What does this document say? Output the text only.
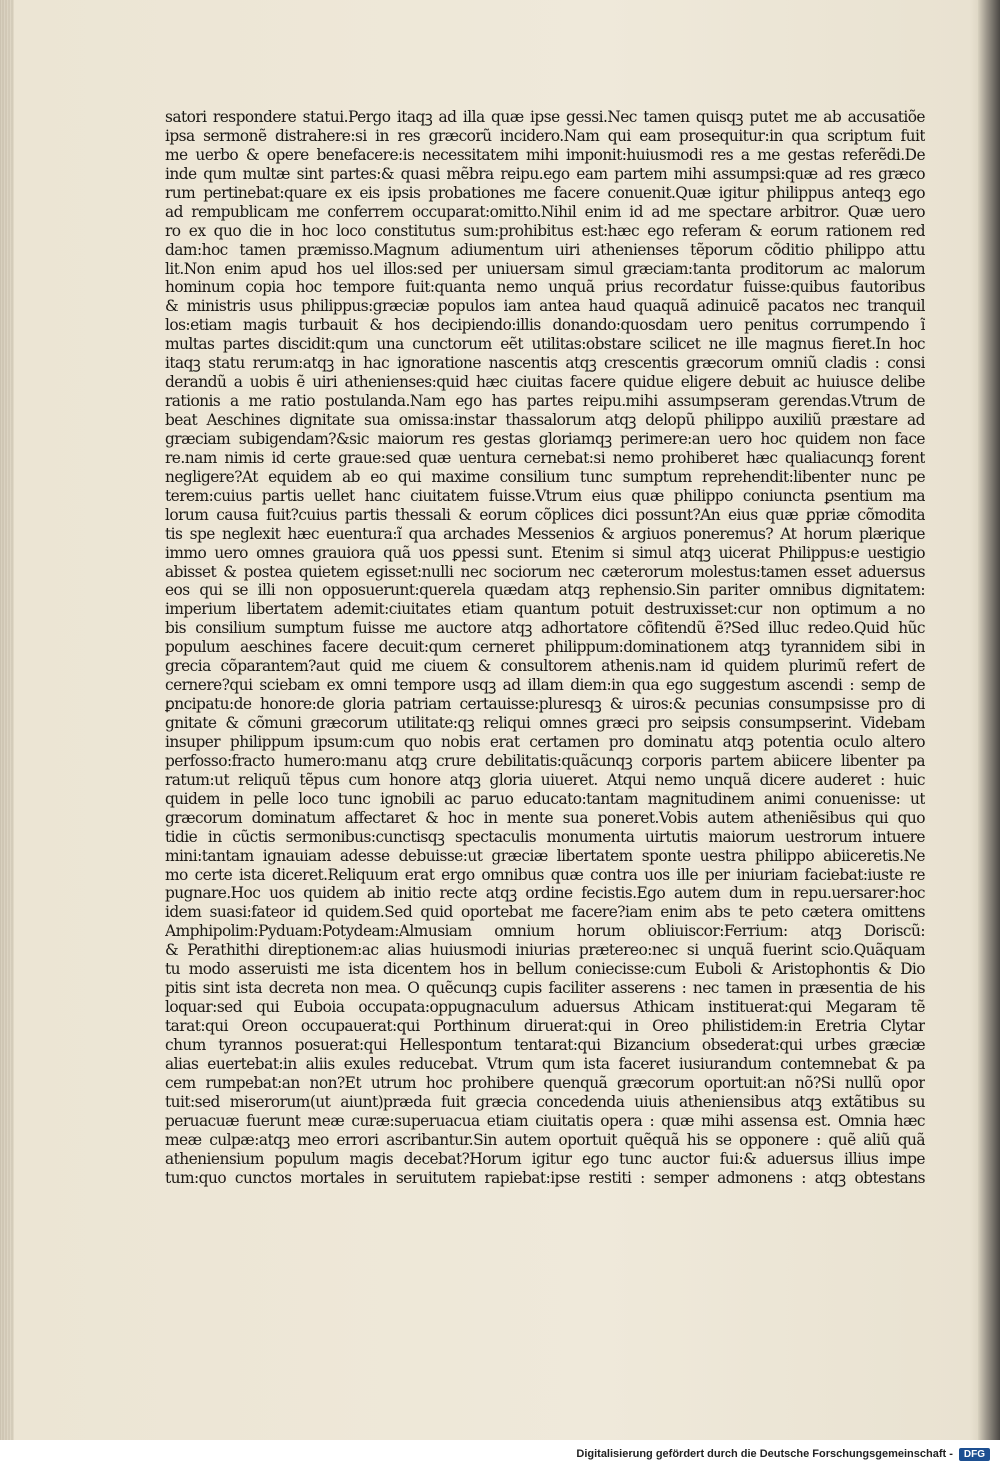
satori respondere statui.Pergo itaqꝫ ad illa quæ ipse gessi.Nec tamen quisqꝫ putet me ab accusatiõe
ipsa sermonẽ distrahere:si in res græcorũ incidero.Nam qui eam prosequitur:in qua scriptum fuit
me uerbo & opere benefacere:is necessitatem mihi imponit:huiusmodi res a me gestas referẽdi.De
inde qum multæ sint partes:& quasi mẽbra reipu.ego eam partem mihi assumpsi:quæ ad res græco
rum pertinebat:quare ex eis ipsis probationes me facere conuenit.Quæ igitur philippus anteqꝫ ego
ad rempublicam me conferrem occuparat:omitto.Nihil enim id ad me spectare arbitror. Quæ uero
ro ex quo die in hoc loco constitutus sum:prohibitus est:hæc ego referam & eorum rationem red
dam:hoc tamen præmisso.Magnum adiumentum uiri athenienses tẽporum cõditio philippo attu
lit.Non enim apud hos uel illos:sed per uniuersam simul græciam:tanta proditorum ac malorum
hominum copia hoc tempore fuit:quanta nemo unquã prius recordatur fuisse:quibus fautoribus
& ministris usus philippus:græciæ populos iam antea haud quaquã adinuicẽ pacatos nec tranquil
los:etiam magis turbauit & hos decipiendo:illis donando:quosdam uero penitus corrumpendo ĩ
multas partes discidit:qum una cunctorum eẽt utilitas:obstare scilicet ne ille magnus fieret.In hoc
itaqꝫ statu rerum:atqꝫ in hac ignoratione nascentis atqꝫ crescentis græcorum omniũ cladis : consi
derandũ a uobis ẽ uiri athenienses:quid hæc ciuitas facere quidue eligere debuit ac huiusce delibe
rationis a me ratio postulanda.Nam ego has partes reipu.mihi assumpseram gerendas.Vtrum de
beat Aeschines dignitate sua omissa:instar thassalorum atqꝫ delopũ philippo auxiliũ præstare ad
græciam subigendam?&sic maiorum res gestas gloriamqꝫ perimere:an uero hoc quidem non face
re.nam nimis id certe graue:sed quæ uentura cernebat:si nemo prohiberet hæc qualiacunqꝫ forent
negligere?At equidem ab eo qui maxime consilium tunc sumptum reprehendit:libenter nunc pe
terem:cuius partis uellet hanc ciuitatem fuisse.Vtrum eius quæ philippo coniuncta ꝑsentium ma
lorum causa fuit?cuius partis thessali & eorum cõplices dici possunt?An eius quæ ꝑpriæ cõmodita
tis spe neglexit hæc euentura:ĩ qua archades Messenios & argiuos poneremus? At horum plærique
immo uero omnes grauiora quã uos ꝑpessi sunt. Etenim si simul atqꝫ uicerat Philippus:e uestigio
abisset & postea quietem egisset:nulli nec sociorum nec cæterorum molestus:tamen esset aduersus
eos qui se illi non opposuerunt:querela quædam atqꝫ rephensio.Sin pariter omnibus dignitatem:
imperium libertatem ademit:ciuitates etiam quantum potuit destruxisset:cur non optimum a no
bis consilium sumptum fuisse me auctore atqꝫ adhortatore cõfitendũ ẽ?Sed illuc redeo.Quid hũc
populum aeschines facere decuit:qum cerneret philippum:dominationem atqꝫ tyrannidem sibi in
grecia cõparantem?aut quid me ciuem & consultorem athenis.nam id quidem plurimũ refert de
cernere?qui sciebam ex omni tempore usqꝫ ad illam diem:in qua ego suggestum ascendi : semp de
ꝑncipatu:de honore:de gloria patriam certauisse:pluresqꝫ & uiros:& pecunias consumpsisse pro di
gnitate & cõmuni græcorum utilitate:qꝫ reliqui omnes græci pro seipsis consumpserint. Videbam
insuper philippum ipsum:cum quo nobis erat certamen pro dominatu atqꝫ potentia oculo altero
perfosso:fracto humero:manu atqꝫ crure debilitatis:quãcunqꝫ corporis partem abiicere libenter pa
ratum:ut reliquũ tẽpus cum honore atqꝫ gloria uiueret. Atqui nemo unquã dicere auderet : huic
quidem in pelle loco tunc ignobili ac paruo educato:tantam magnitudinem animi conuenisse: ut
græcorum dominatum affectaret & hoc in mente sua poneret.Vobis autem atheniẽsibus qui quo
tidie in cũctis sermonibus:cunctisqꝫ spectaculis monumenta uirtutis maiorum uestrorum intuere
mini:tantam ignauiam adesse debuisse:ut græciæ libertatem sponte uestra philippo abiiceretis.Ne
mo certe ista diceret.Reliquum erat ergo omnibus quæ contra uos ille per iniuriam faciebat:iuste re
pugnare.Hoc uos quidem ab initio recte atqꝫ ordine fecistis.Ego autem dum in repu.uersarer:hoc
idem suasi:fateor id quidem.Sed quid oportebat me facere?iam enim abs te peto cætera omittens
Amphipolim:Pyduam:Potydeam:Almusiam omnium horum obliuiscor:Ferrium: atqꝫ Doriscũ:
& Perathithi direptionem:ac alias huiusmodi iniurias prætereo:nec si unquã fuerint scio.Quãquam
tu modo asseruisti me ista dicentem hos in bellum coniecisse:cum Euboli & Aristophontis & Dio
pitis sint ista decreta non mea. O quẽcunqꝫ cupis faciliter asserens : nec tamen in præsentia de his
loquar:sed qui Euboia occupata:oppugnaculum aduersus Athicam instituerat:qui Megaram tẽ
tarat:qui Oreon occupauerat:qui Porthinum diruerat:qui in Oreo philistidem:in Eretria Clytar
chum tyrannos posuerat:qui Hellespontum tentarat:qui Bizancium obsederat:qui urbes græciæ
alias euertebat:in aliis exules reducebat. Vtrum qum ista faceret iusiurandum contemnebat & pa
cem rumpebat:an non?Et utrum hoc prohibere quenquã græcorum oportuit:an nõ?Si nullũ opor
tuit:sed miserorum(ut aiunt)præda fuit græcia concedenda uiuis atheniensibus atqꝫ extãtibus su
peruacuæ fuerunt meæ curæ:superuacua etiam ciuitatis opera : quæ mihi assensa est. Omnia hæc
meæ culpæ:atqꝫ meo errori ascribantur.Sin autem oportuit quẽquã his se opponere : quẽ aliũ quã
atheniensium populum magis decebat?Horum igitur ego tunc auctor fui:& aduersus illius impe
tum:quo cunctos mortales in seruitutem rapiebat:ipse restiti : semper admonens : atqꝫ obtestans
Digitalisierung gefördert durch die Deutsche Forschungsgemeinschaft -	DFG
